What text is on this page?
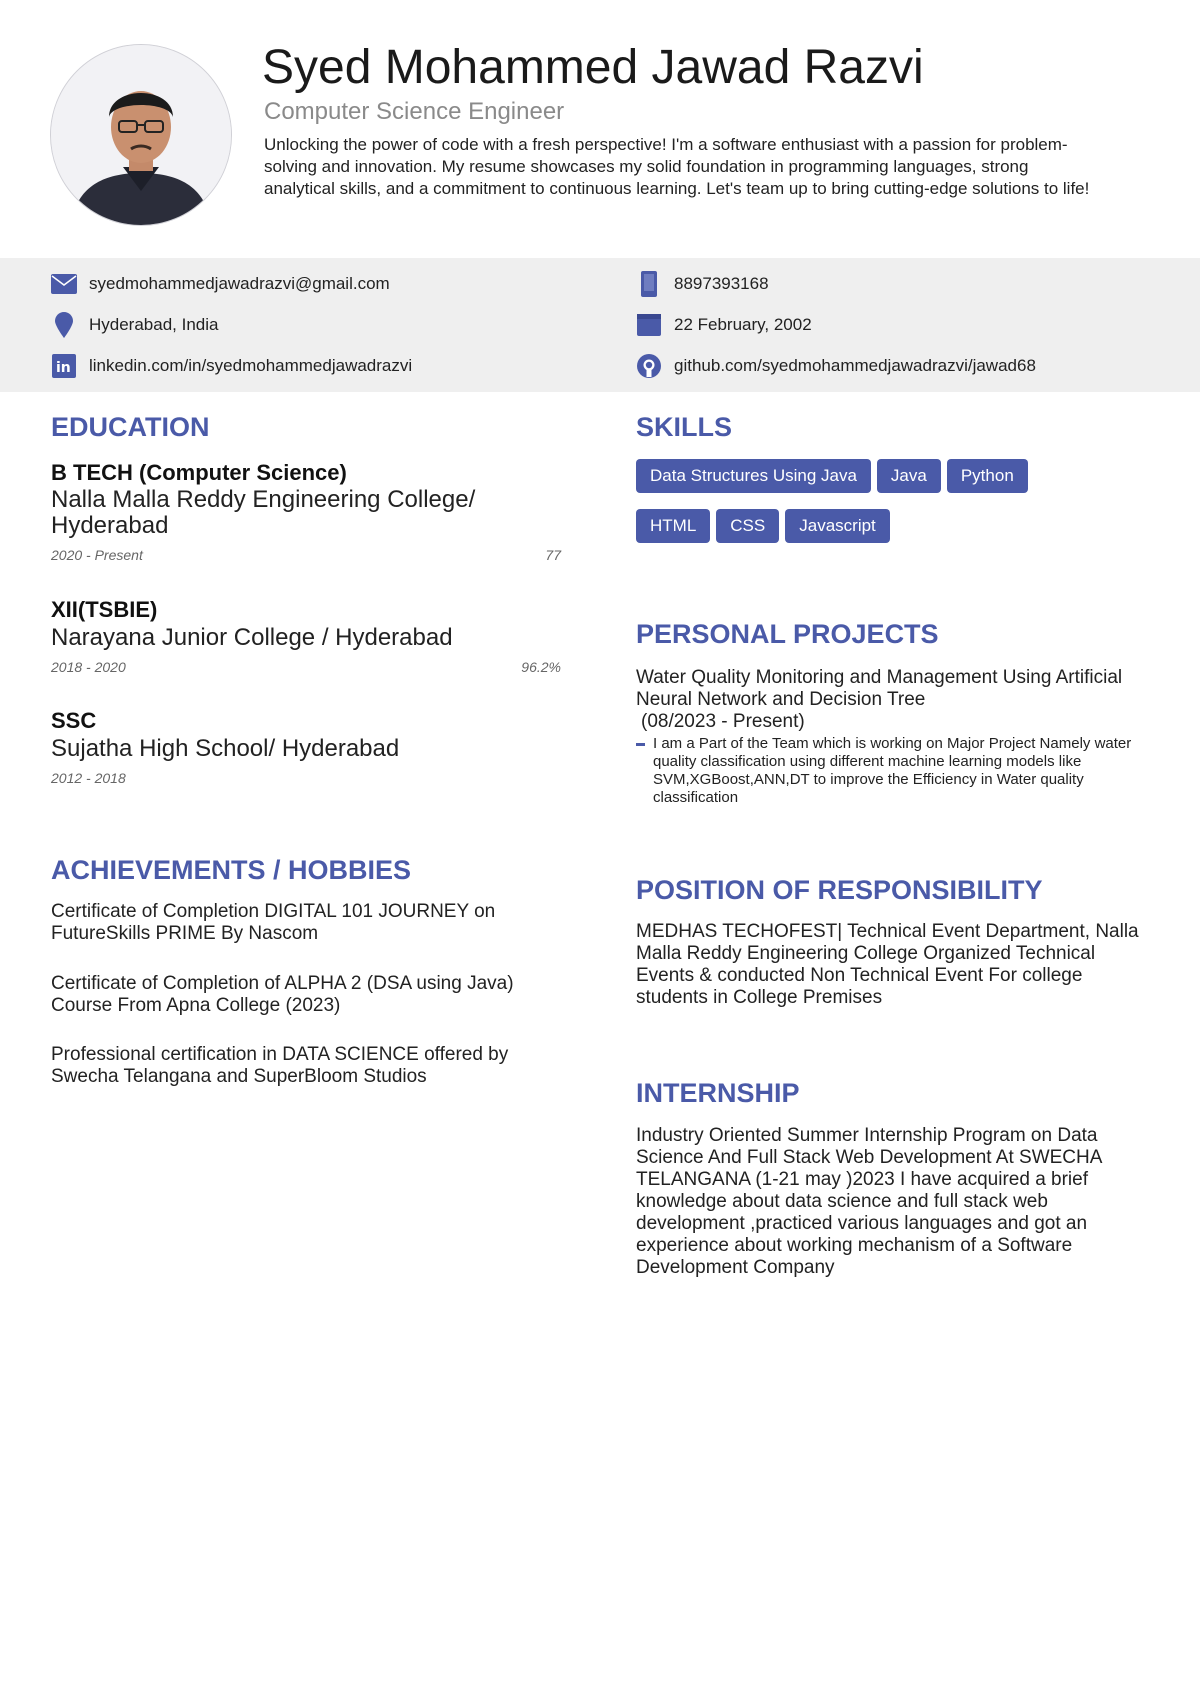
Syed Mohammed Jawad Razvi
Computer Science Engineer
Unlocking the power of code with a fresh perspective! I'm a software enthusiast with a passion for problem-solving and innovation. My resume showcases my solid foundation in programming languages, strong analytical skills, and a commitment to continuous learning. Let's team up to bring cutting-edge solutions to life!
syedmohammedjawadrazvi@gmail.com	8897393168
Hyderabad, India	22 February, 2002
in linkedin.com/in/syedmohammedjawadrazvi	github.com/syedmohammedjawadrazvi/jawad68
EDUCATION
B TECH (Computer Science)
Nalla Malla Reddy Engineering College/ Hyderabad
2020 - Present	77
XII(TSBIE)
Narayana Junior College / Hyderabad
2018 - 2020	96.2%
SSC
Sujatha High School/ Hyderabad
2012 - 2018
ACHIEVEMENTS / HOBBIES
Certificate of Completion DIGITAL 101 JOURNEY on FutureSkills PRIME By Nascom
Certificate of Completion of ALPHA 2 (DSA using Java) Course From Apna College (2023)
Professional certification in DATA SCIENCE offered by Swecha Telangana and SuperBloom Studios
SKILLS
Data Structures Using Java Java Python
HTML CSS Javascript
PERSONAL PROJECTS
Water Quality Monitoring and Management Using Artificial Neural Network and Decision Tree
(08/2023 - Present)
I am a Part of the Team which is working on Major Project Namely water quality classification using different machine learning models like SVM,XGBoost,ANN,DT to improve the Efficiency in Water quality classification
POSITION OF RESPONSIBILITY
MEDHAS TECHOFEST| Technical Event Department, Nalla Malla Reddy Engineering College Organized Technical Events & conducted Non Technical Event For college students in College Premises
INTERNSHIP
Industry Oriented Summer Internship Program on Data Science And Full Stack Web Development At SWECHA TELANGANA (1-21 may )2023 I have acquired a brief knowledge about data science and full stack web development ,practiced various languages and got an experience about working mechanism of a Software Development Company
